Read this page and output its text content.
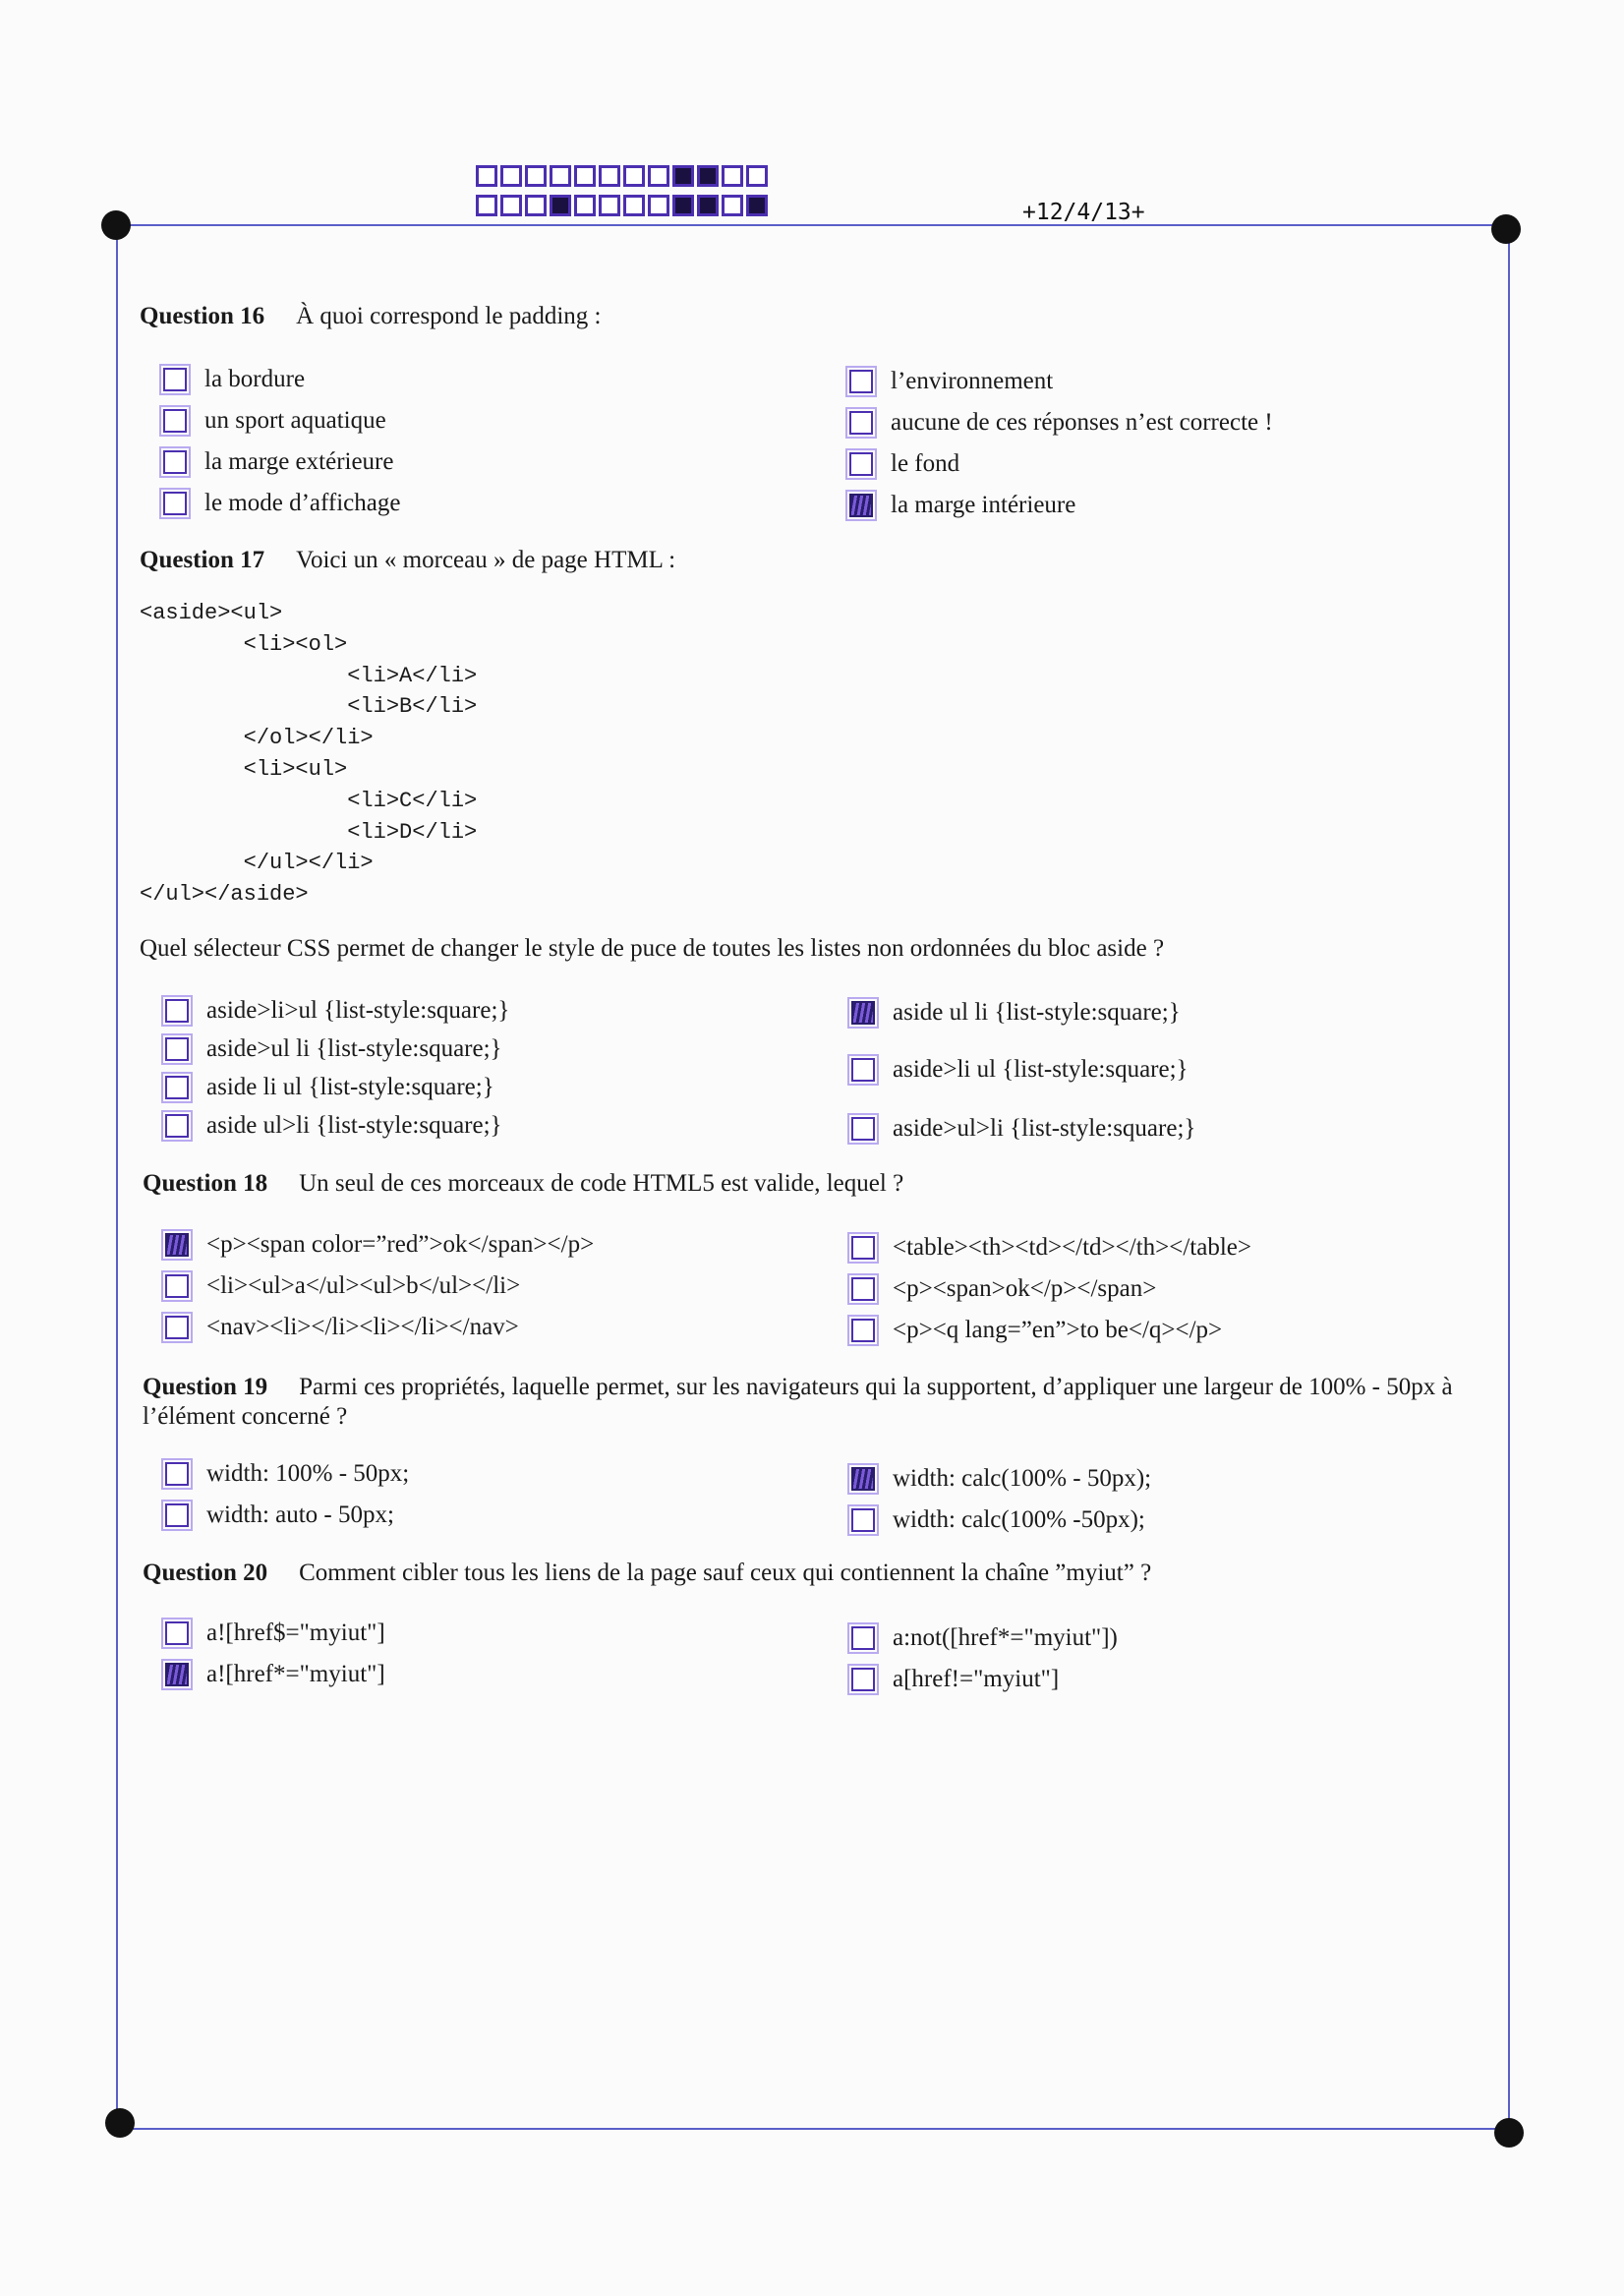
+12/4/13+
Question 16 À quoi correspond le padding :
la bordure
un sport aquatique
la marge extérieure
le mode d’affichage
l’environnement
aucune de ces réponses n’est correcte !
le fond
la marge intérieure
Question 17 Voici un « morceau » de page HTML :
<aside><ul>
<li><ol>
<li>A</li>
<li>B</li>
</ol></li>
<li><ul>
<li>C</li>
<li>D</li>
</ul></li>
</ul></aside>
Quel sélecteur CSS permet de changer le style de puce de toutes les listes non ordonnées du bloc aside ?
aside>li>ul {list-style:square;}
aside>ul li {list-style:square;}
aside li ul {list-style:square;}
aside ul>li {list-style:square;}
aside ul li {list-style:square;}
aside>li ul {list-style:square;}
aside>ul>li {list-style:square;}
Question 18 Un seul de ces morceaux de code HTML5 est valide, lequel ?
<p><span color=”red”>ok</span></p>
<li><ul>a</ul><ul>b</ul></li>
<nav><li></li><li></li></nav>
<table><th><td></td></th></table>
<p><span>ok</p></span>
<p><q lang=”en”>to be</q></p>
Question 19 Parmi ces propriétés, laquelle permet, sur les navigateurs qui la supportent, d’appliquer une largeur de 100% - 50px à l’élément concerné ?
width: 100% - 50px;
width: auto - 50px;
width: calc(100% - 50px);
width: calc(100% -50px);
Question 20 Comment cibler tous les liens de la page sauf ceux qui contiennent la chaîne ”myiut” ?
a![href$="myiut"]
a![href*="myiut"]
a:not([href*="myiut"])
a[href!="myiut"]
